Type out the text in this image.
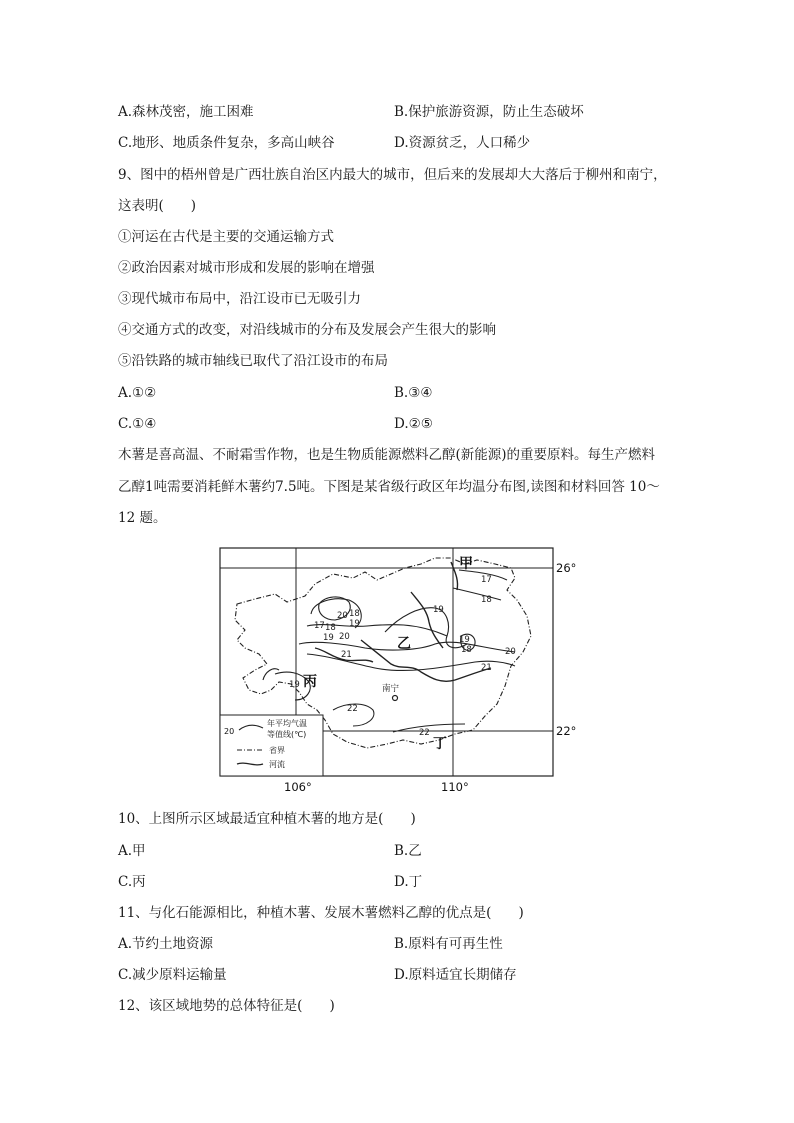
A.森林茂密，施工困难	B.保护旅游资源，防止生态破坏
C.地形、地质条件复杂，多高山峡谷	D.资源贫乏，人口稀少
9、图中的梧州曾是广西壮族自治区内最大的城市，但后来的发展却大大落后于柳州和南宁，
这表明(　　)
①河运在古代是主要的交通运输方式
②政治因素对城市形成和发展的影响在增强
③现代城市布局中，沿江设市已无吸引力
④交通方式的改变，对沿线城市的分布及发展会产生很大的影响
⑤沿铁路的城市轴线已取代了沿江设市的布局
A.①②	B.③④
C.①④	D.②⑤
木薯是喜高温、不耐霜雪作物，也是生物质能源燃料乙醇(新能源)的重要原料。每生产燃料
乙醇1吨需要消耗鲜木薯约7.5吨。下图是某省级行政区年均温分布图,读图和材料回答 10～
12 题。
17
18
19
19
18
20 18
19
17 18
19 20
21	20
21
19
22
22
甲
乙
丙
丁
南宁
20
年平均气温
等值线(℃)
省界
河流
26°
22°
106°	110°
10、上图所示区域最适宜种植木薯的地方是(　　)
A.甲	B.乙
C.丙	D.丁
11、与化石能源相比，种植木薯、发展木薯燃料乙醇的优点是(　　)
A.节约土地资源	B.原料有可再生性
C.减少原料运输量	D.原料适宜长期储存
12、该区域地势的总体特征是(　　)
